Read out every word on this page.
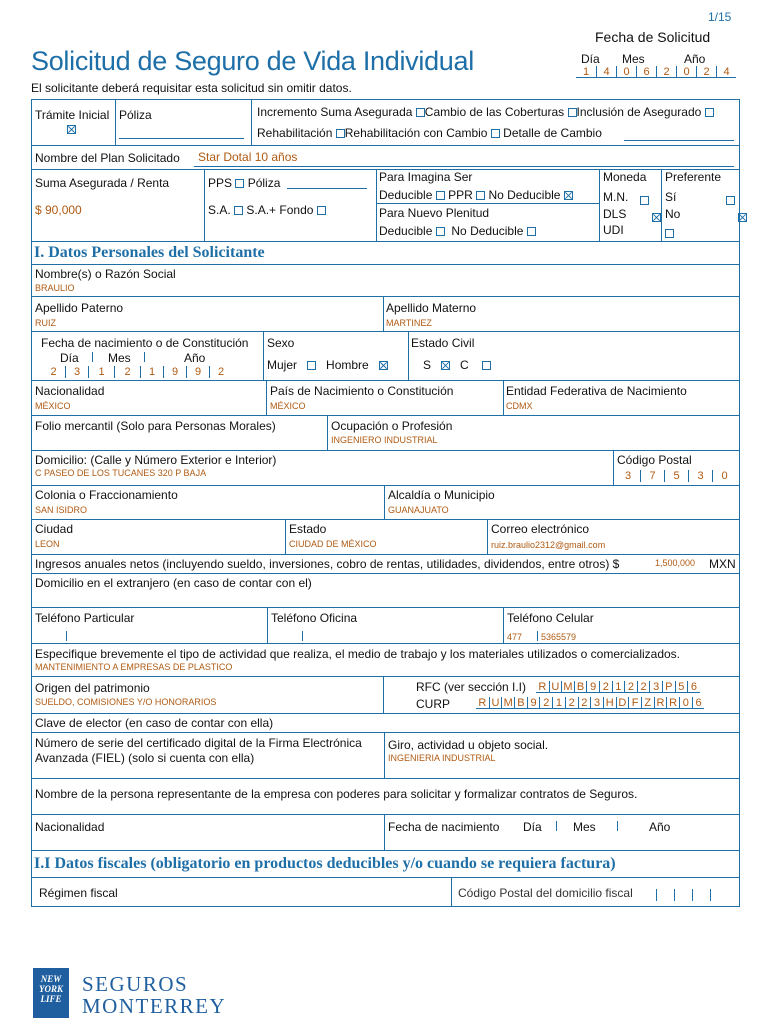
1/15
Solicitud de Seguro de Vida Individual
El solicitante deberá requisitar esta solicitud sin omitir datos.
Fecha de Solicitud
Día Mes	Año
1	4	0	6	2	0	2	4
Trámite Inicial Póliza	Incremento Suma Asegurada Cambio de las Coberturas Inclusión de Asegurado
Rehabilitación Rehabilitación con Cambio Detalle de Cambio
Nombre del Plan Solicitado Star Dotal 10 años
Suma Asegurada / Renta
$ 90,000
PPS Póliza
S.A. S.A.+ Fondo
Para Imagina Ser
Deducible PPR No Deducible
Para Nuevo Plenitud
Deducible No Deducible
Moneda
M.N.

DLS

UDI

Preferente
Sí

No
I. Datos Personales del Solicitante
Nombre(s) o Razón Social
BRAULIO
Apellido Paterno
RUIZ
Apellido Materno
MARTINEZ
Fecha de nacimiento o de Constitución
Día Mes	Año
2	3	1	2	1	9	9	2
Sexo
Mujer Hombre
Estado Civil
S C
Nacionalidad
MÉXICO
País de Nacimiento o Constitución
MÉXICO
Entidad Federativa de Nacimiento
CDMX
Folio mercantil (Solo para Personas Morales)	Ocupación o Profesión
INGENIERO INDUSTRIAL
Domicilio: (Calle y Número Exterior e Interior)
C PASEO DE LOS TUCANES 320 P BAJA
Código Postal
3	7	5	3	0
Colonia o Fraccionamiento
SAN ISIDRO
Alcaldía o Municipio
GUANAJUATO
Ciudad
LEON
Estado
CIUDAD DE MÉXICO
Correo electrónico
ruiz.braulio2312@gmail.com
Ingresos anuales netos (incluyendo sueldo, inversiones, cobro de rentas, utilidades, dividendos, entre otros) $	1,500,000 MXN
Domicilio en el extranjero (en caso de contar con el)
Teléfono Particular	Teléfono Oficina	Teléfono Celular
477 5365579
Especifique brevemente el tipo de actividad que realiza, el medio de trabajo y los materiales utilizados o comercializados.
MANTENIMIENTO A EMPRESAS DE PLASTICO
Origen del patrimonio
SUELDO, COMISIONES Y/O HONORARIOS
RFC (ver sección I.I) R U M B 9 2 1 2 2 3 P 5 6
CURP	R U M B 9 2 1 2 2 3 H D F Z R R 0 6
Clave de elector (en caso de contar con ella)
Número de serie del certificado digital de la Firma Electrónica
Avanzada (FIEL) (solo si cuenta con ella)
Giro, actividad u objeto social.
INGENIERIA INDUSTRIAL
Nombre de la persona representante de la empresa con poderes para solicitar y formalizar contratos de Seguros.
Nacionalidad	Fecha de nacimiento Día	Mes	Año
I.I Datos fiscales (obligatorio en productos deducibles y/o cuando se requiera factura)
Régimen fiscal	Código Postal del domicilio fiscal
NEW YORK LIFE
SEGUROS
MONTERREY
